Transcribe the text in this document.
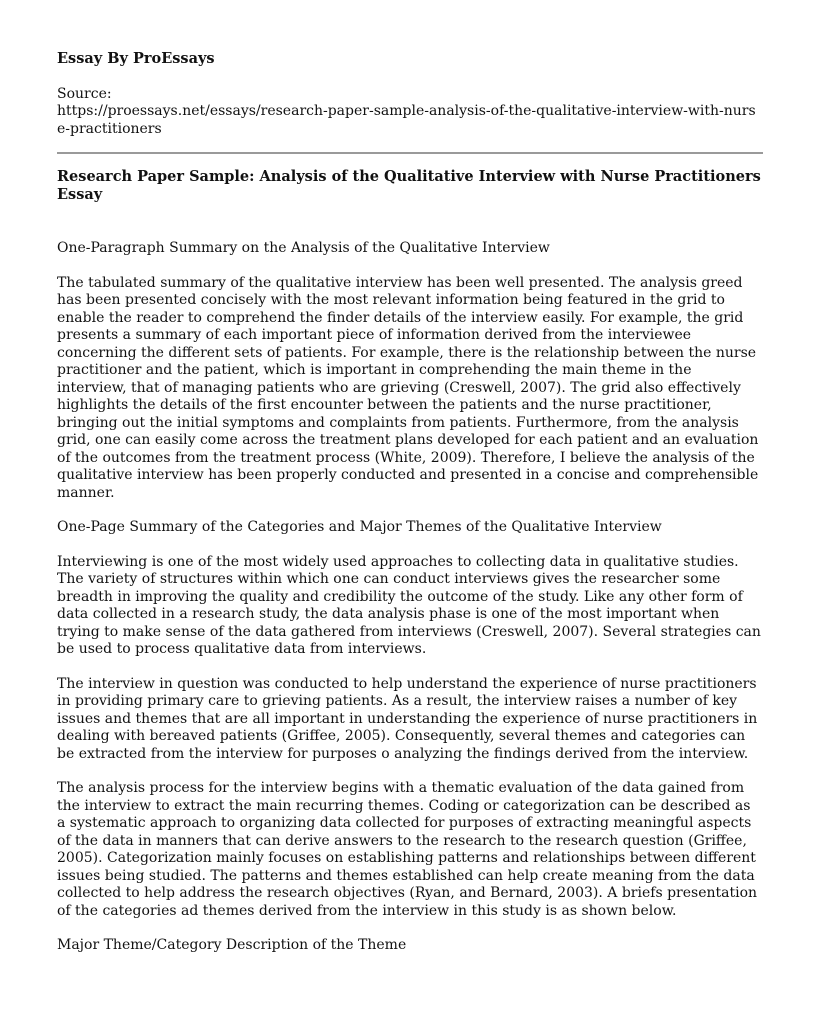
Essay By ProEssays
Source:
https://proessays.net/essays/research-paper-sample-analysis-of-the-qualitative-interview-with-nurse-practitioners
Research Paper Sample: Analysis of the Qualitative Interview with Nurse Practitioners Essay
One-Paragraph Summary on the Analysis of the Qualitative Interview

The tabulated summary of the qualitative interview has been well presented. The analysis greed has been presented concisely with the most relevant information being featured in the grid to enable the reader to comprehend the finder details of the interview easily. For example, the grid presents a summary of each important piece of information derived from the interviewee concerning the different sets of patients. For example, there is the relationship between the nurse practitioner and the patient, which is important in comprehending the main theme in the interview, that of managing patients who are grieving (Creswell, 2007). The grid also effectively highlights the details of the first encounter between the patients and the nurse practitioner, bringing out the initial symptoms and complaints from patients. Furthermore, from the analysis grid, one can easily come across the treatment plans developed for each patient and an evaluation of the outcomes from the treatment process (White, 2009). Therefore, I believe the analysis of the qualitative interview has been properly conducted and presented in a concise and comprehensible manner.

One-Page Summary of the Categories and Major Themes of the Qualitative Interview

Interviewing is one of the most widely used approaches to collecting data in qualitative studies. The variety of structures within which one can conduct interviews gives the researcher some breadth in improving the quality and credibility the outcome of the study. Like any other form of data collected in a research study, the data analysis phase is one of the most important when trying to make sense of the data gathered from interviews (Creswell, 2007). Several strategies can be used to process qualitative data from interviews.

The interview in question was conducted to help understand the experience of nurse practitioners in providing primary care to grieving patients. As a result, the interview raises a number of key issues and themes that are all important in understanding the experience of nurse practitioners in dealing with bereaved patients (Griffee, 2005). Consequently, several themes and categories can be extracted from the interview for purposes o analyzing the findings derived from the interview.

The analysis process for the interview begins with a thematic evaluation of the data gained from the interview to extract the main recurring themes. Coding or categorization can be described as a systematic approach to organizing data collected for purposes of extracting meaningful aspects of the data in manners that can derive answers to the research to the research question (Griffee, 2005). Categorization mainly focuses on establishing patterns and relationships between different issues being studied. The patterns and themes established can help create meaning from the data collected to help address the research objectives (Ryan, and Bernard, 2003). A briefs presentation of the categories ad themes derived from the interview in this study is as shown below.

Major Theme/Category Description of the Theme
